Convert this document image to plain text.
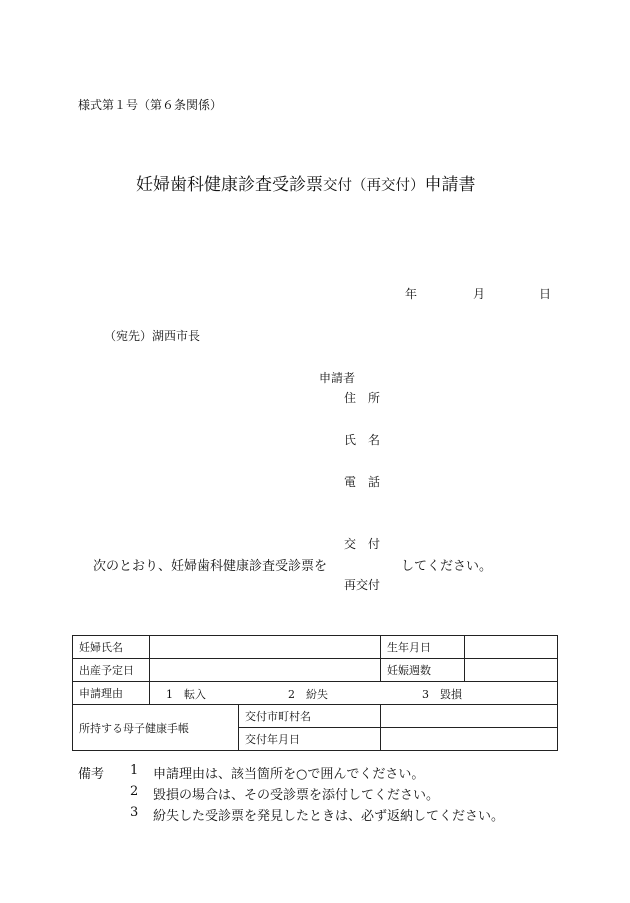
様式第１号（第６条関係）
妊婦歯科健康診査受診票交付（再交付）申請書
年	月	日
（宛先）湖西市長
申請者
住　所
氏　名
電　話
交　付
次のとおり、妊婦歯科健康診査受診票を	してください。
再交付
妊婦氏名			生年月日	
出産予定日			妊娠週数	
申請理由	1　転入 2　紛失 3　毀損			

所持する母子健康手帳		交付市町村名		
		交付年月日		
備考 1 申請理由は、該当箇所を○で囲んでください。
2 毀損の場合は、その受診票を添付してください。
3 紛失した受診票を発見したときは、必ず返納してください。
